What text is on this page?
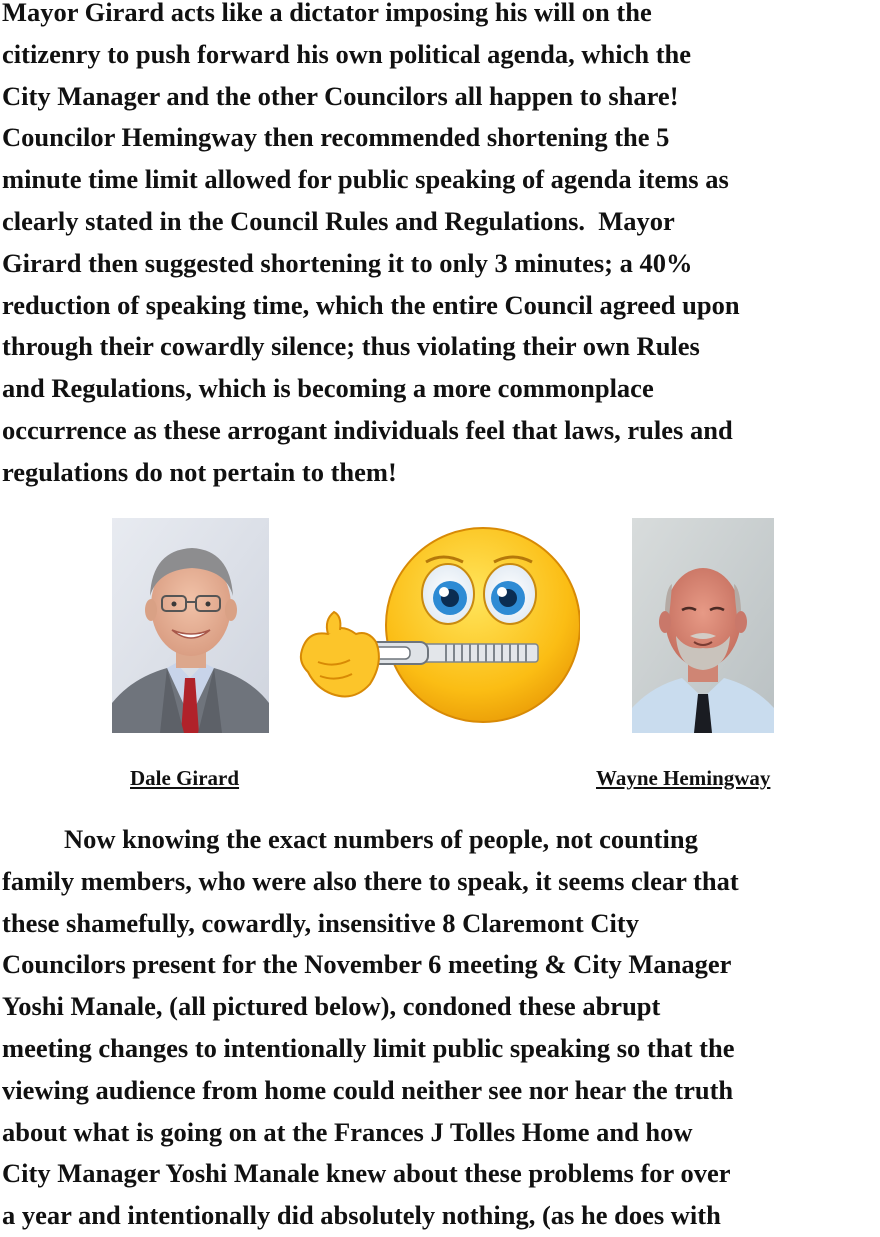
Mayor Girard acts like a dictator imposing his will on the
citizenry to push forward his own political agenda, which the
City Manager and the other Councilors all happen to share!
Councilor Hemingway then recommended shortening the 5
minute time limit allowed for public speaking of agenda items as
clearly stated in the Council Rules and Regulations.  Mayor
Girard then suggested shortening it to only 3 minutes; a 40%
reduction of speaking time, which the entire Council agreed upon
through their cowardly silence; thus violating their own Rules
and Regulations, which is becoming a more commonplace
occurrence as these arrogant individuals feel that laws, rules and
regulations do not pertain to them!

Dale Girard	Wayne Hemingway

Now knowing the exact numbers of people, not counting
family members, who were also there to speak, it seems clear that
these shamefully, cowardly, insensitive 8 Claremont City
Councilors present for the November 6 meeting & City Manager
Yoshi Manale, (all pictured below), condoned these abrupt
meeting changes to intentionally limit public speaking so that the
viewing audience from home could neither see nor hear the truth
about what is going on at the Frances J Tolles Home and how
City Manager Yoshi Manale knew about these problems for over
a year and intentionally did absolutely nothing, (as he does with
